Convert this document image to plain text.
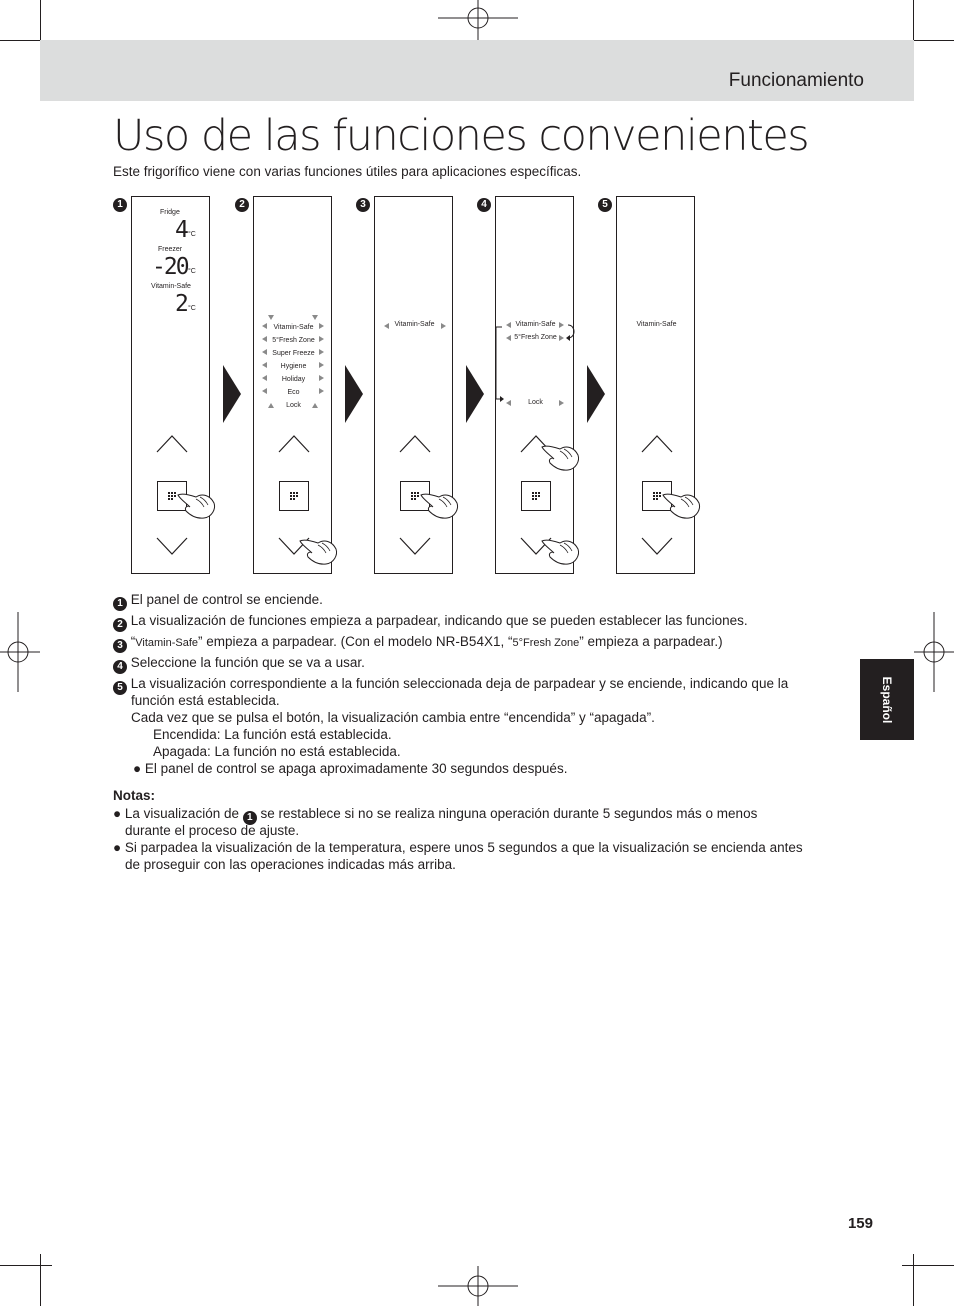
Funcionamiento
Uso de las funciones convenientes
Este frigorífico viene con varias funciones útiles para aplicaciones específicas.
1	2	3	4	5
Fridge
4 °C
Freezer
-20 °C
Vitamin-Safe
2 °C
Vitamin-Safe
5°Fresh Zone
Super Freeze
Hygiene
Holiday
Eco
Lock
Vitamin-Safe	Vitamin-Safe
5°Fresh Zone
Lock
Vitamin-Safe
1 El panel de control se enciende.
2 La visualización de funciones empieza a parpadear, indicando que se pueden establecer las funciones.
3 “Vitamin-Safe” empieza a parpadear. (Con el modelo NR-B54X1, “5°Fresh Zone” empieza a parpadear.)
4 Seleccione la función que se va a usar.
5 La visualización correspondiente a la función seleccionada deja de parpadear y se enciende, indicando que la
función está establecida.
Cada vez que se pulsa el botón, la visualización cambia entre “encendida” y “apagada”.
Encendida: La función está establecida.
Apagada: La función no está establecida.
● El panel de control se apaga aproximadamente 30 segundos después.
Notas:
● La visualización de 1 se restablece si no se realiza ninguna operación durante 5 segundos más o menos
durante el proceso de ajuste.
● Si parpadea la visualización de la temperatura, espere unos 5 segundos a que la visualización se encienda antes
de proseguir con las operaciones indicadas más arriba.
Español
159
